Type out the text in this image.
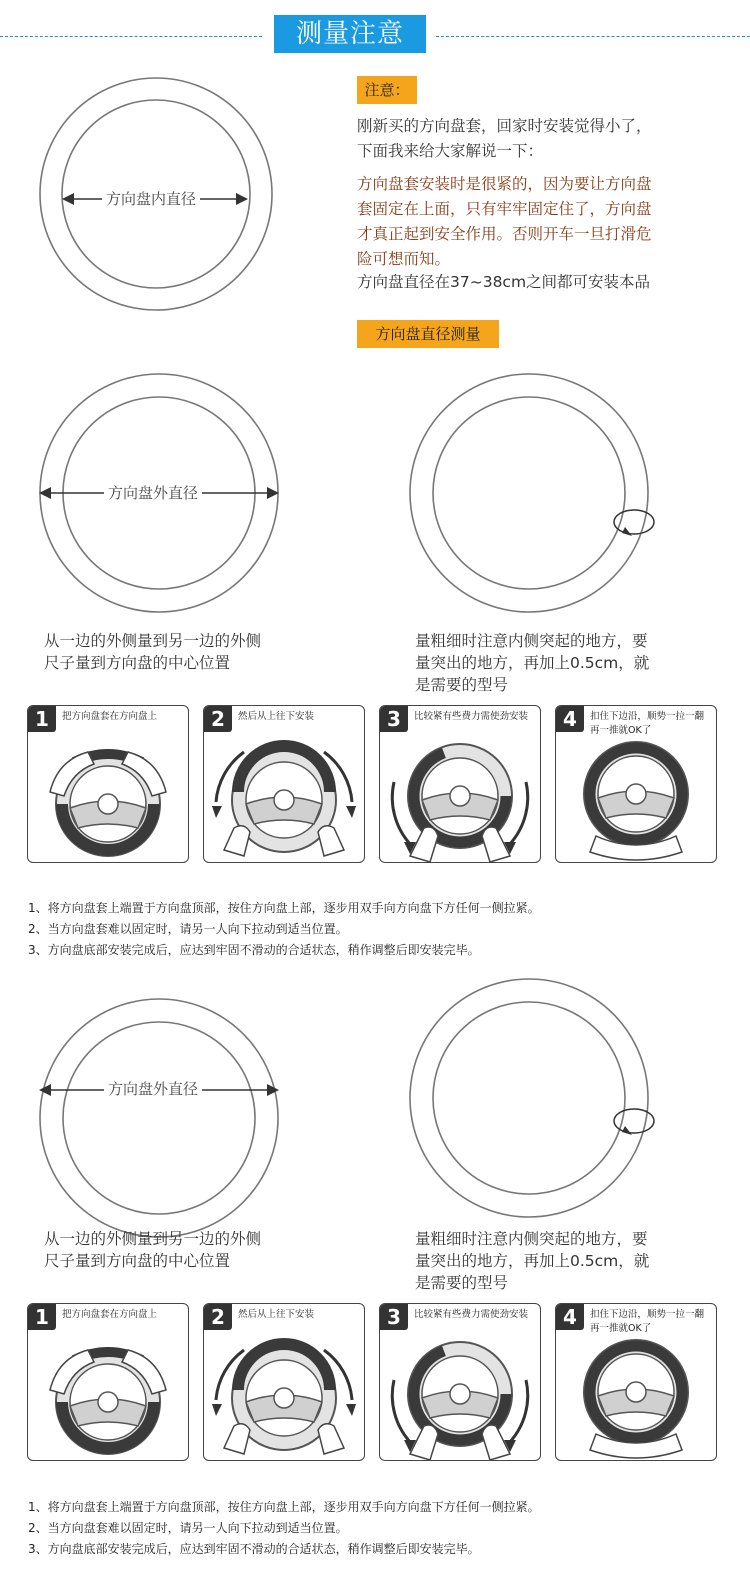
测量注意
方向盘内直径
注意：
刚新买的方向盘套，回家时安装觉得小了，
下面我来给大家解说一下：
方向盘套安装时是很紧的，因为要让方向盘
套固定在上面，只有牢牢固定住了，方向盘
才真正起到安全作用。否则开车一旦打滑危
险可想而知。
方向盘直径在37~38cm之间都可安装本品
方向盘直径测量
方向盘外直径
从一边的外侧量到另一边的外侧
尺子量到方向盘的中心位置
量粗细时注意内侧突起的地方，要
量突出的地方，再加上0.5cm，就
是需要的型号
1	把方向盘套在方向盘上	2	然后从上往下安装	3	比较紧有些费力需使劲安装	4	扣住下边沿，顺势一拉一翻再一推就OK了
1、将方向盘套上端置于方向盘顶部，按住方向盘上部，逐步用双手向方向盘下方任何一侧拉紧。
2、当方向盘套难以固定时，请另一人向下拉动到适当位置。
3、方向盘底部安装完成后，应达到牢固不滑动的合适状态，稍作调整后即安装完毕。
方向盘外直径
从一边的外侧量到另一边的外侧
尺子量到方向盘的中心位置
量粗细时注意内侧突起的地方，要
量突出的地方，再加上0.5cm，就
是需要的型号
1	把方向盘套在方向盘上	2	然后从上往下安装	3	比较紧有些费力需使劲安装	4	扣住下边沿，顺势一拉一翻再一推就OK了
1、将方向盘套上端置于方向盘顶部，按住方向盘上部，逐步用双手向方向盘下方任何一侧拉紧。
2、当方向盘套难以固定时，请另一人向下拉动到适当位置。
3、方向盘底部安装完成后，应达到牢固不滑动的合适状态，稍作调整后即安装完毕。
